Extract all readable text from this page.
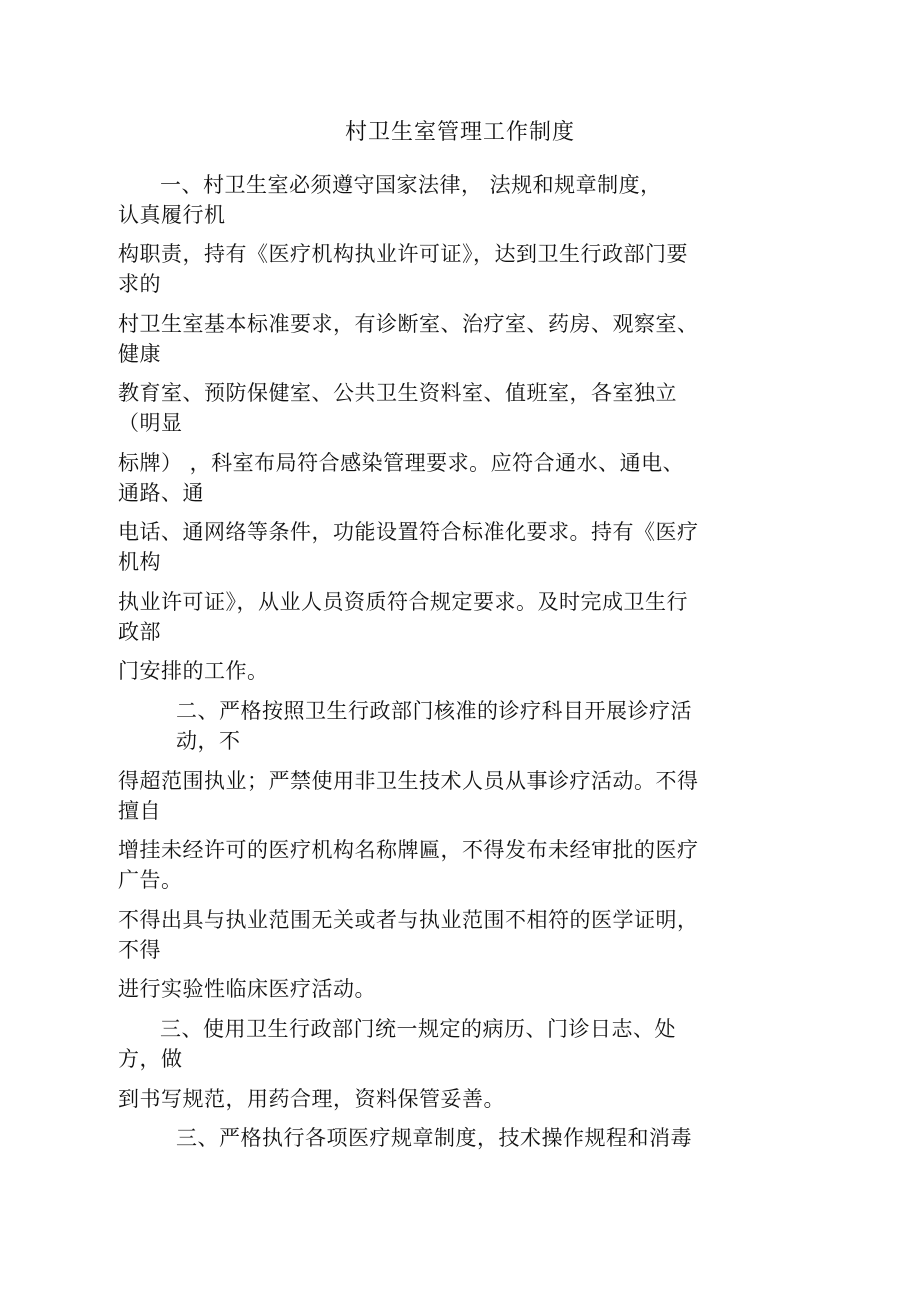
村卫生室管理工作制度
一、村卫生室必须遵守国家法律， 法规和规章制度，
认真履行机
构职责，持有《医疗机构执业许可证》，达到卫生行政部门要
求的
村卫生室基本标准要求，有诊断室、治疗室、药房、观察室、
健康
教育室、预防保健室、公共卫生资料室、值班室，各室独立
（明显
标牌） ，科室布局符合感染管理要求。应符合通水、通电、
通路、通
电话、通网络等条件，功能设置符合标准化要求。持有《医疗
机构
执业许可证》，从业人员资质符合规定要求。及时完成卫生行
政部
门安排的工作。
二、严格按照卫生行政部门核准的诊疗科目开展诊疗活
动，不
得超范围执业；严禁使用非卫生技术人员从事诊疗活动。不得
擅自
增挂未经许可的医疗机构名称牌匾，不得发布未经审批的医疗
广告。
不得出具与执业范围无关或者与执业范围不相符的医学证明，
不得
进行实验性临床医疗活动。
三、使用卫生行政部门统一规定的病历、门诊日志、处
方，做
到书写规范，用药合理，资料保管妥善。
三、严格执行各项医疗规章制度，技术操作规程和消毒
